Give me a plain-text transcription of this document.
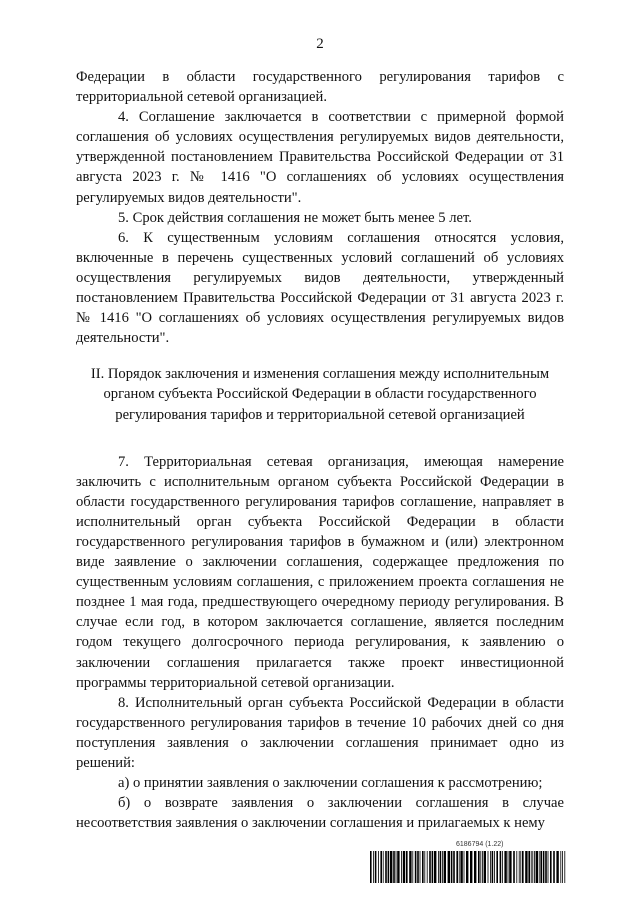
2

Федерации в области государственного регулирования тарифов с территориальной сетевой организацией.

4. Соглашение заключается в соответствии с примерной формой соглашения об условиях осуществления регулируемых видов деятельности, утвержденной постановлением Правительства Российской Федерации от 31 августа 2023 г. № 1416 "О соглашениях об условиях осуществления регулируемых видов деятельности".

5. Срок действия соглашения не может быть менее 5 лет.

6. К существенным условиям соглашения относятся условия, включенные в перечень существенных условий соглашений об условиях осуществления регулируемых видов деятельности, утвержденный постановлением Правительства Российской Федерации от 31 августа 2023 г. № 1416 "О соглашениях об условиях осуществления регулируемых видов деятельности".

II. Порядок заключения и изменения соглашения между исполнительным
органом субъекта Российской Федерации в области государственного
регулирования тарифов и территориальной сетевой организацией

7. Территориальная сетевая организация, имеющая намерение заключить с исполнительным органом субъекта Российской Федерации в области государственного регулирования тарифов соглашение, направляет в исполнительный орган субъекта Российской Федерации в области государственного регулирования тарифов в бумажном и (или) электронном виде заявление о заключении соглашения, содержащее предложения по существенным условиям соглашения, с приложением проекта соглашения не позднее 1 мая года, предшествующего очередному периоду регулирования. В случае если год, в котором заключается соглашение, является последним годом текущего долгосрочного периода регулирования, к заявлению о заключении соглашения прилагается также проект инвестиционной программы территориальной сетевой организации.

8. Исполнительный орган субъекта Российской Федерации в области государственного регулирования тарифов в течение 10 рабочих дней со дня поступления заявления о заключении соглашения принимает одно из решений:

а) о принятии заявления о заключении соглашения к рассмотрению;

б) о возврате заявления о заключении соглашения в случае несоответствия заявления о заключении соглашения и прилагаемых к нему

6186794 (1.22)
